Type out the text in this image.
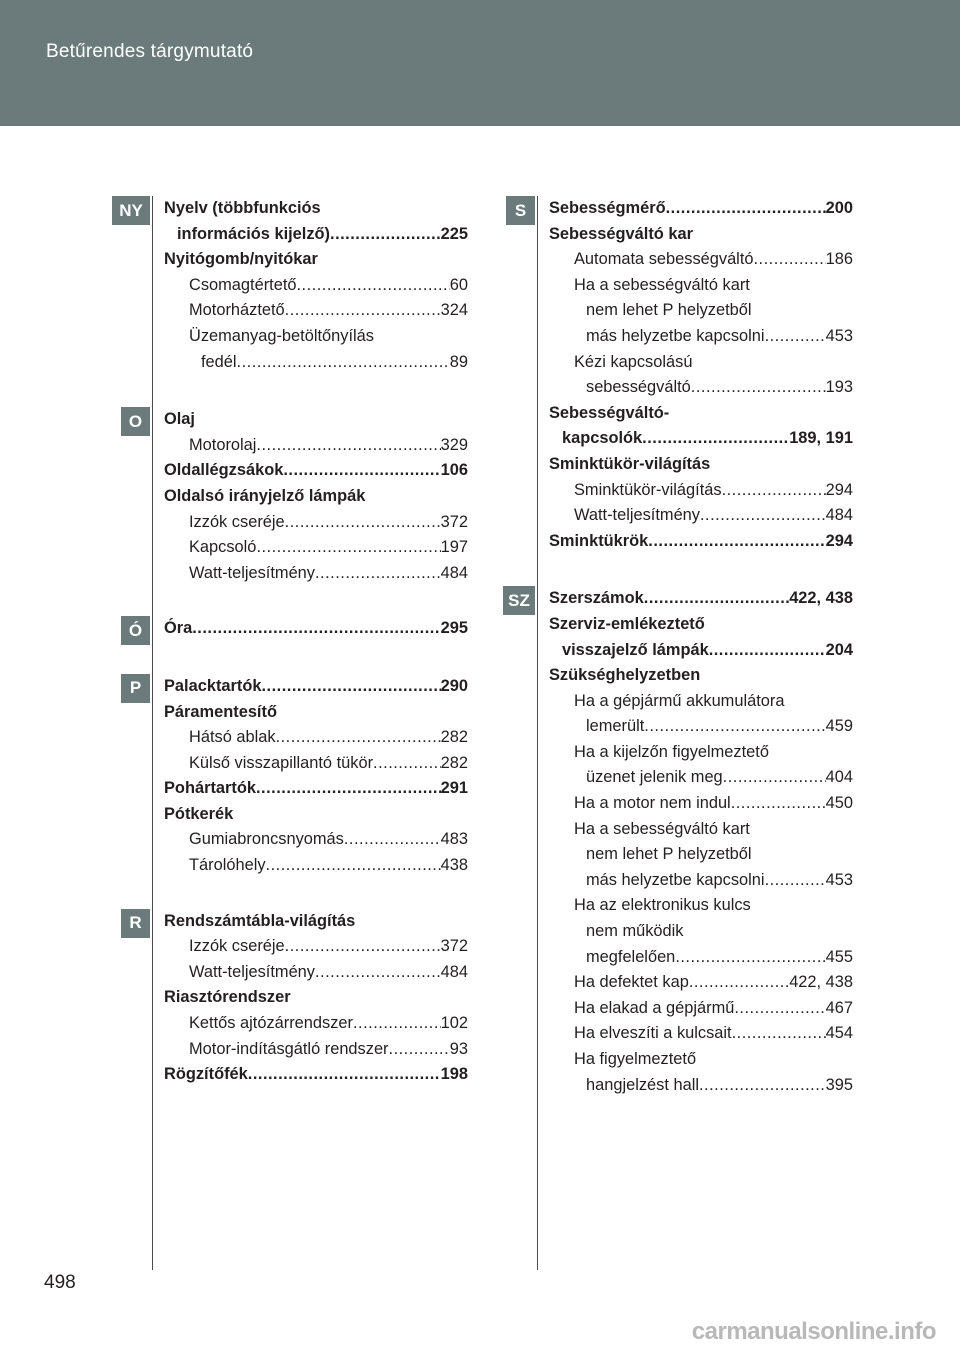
Betűrendes tárgymutató
NY	Nyelv (többfunkciós
információs kijelző) .....	225
Nyitógomb/nyitókar
Csomagtértető .....	60
Motorháztető .....	324
Üzemanyag-betöltőnyílás
fedél .....	89
O	Olaj
Motorolaj .....	329
Oldallégzsákok .....	106
Oldalsó irányjelző lámpák
Izzók cseréje .....	372
Kapcsoló .....	197
Watt-teljesítmény .....	484
Ó	Óra .....	295
P	Palacktartók .....	290
Páramentesítő
Hátsó ablak .....	282
Külső visszapillantó tükör .....	282
Pohártartók .....	291
Pótkerék
Gumiabroncsnyomás .....	483
Tárolóhely .....	438
R	Rendszámtábla-világítás
Izzók cseréje .....	372
Watt-teljesítmény .....	484
Riasztórendszer
Kettős ajtózárrendszer .....	102
Motor-indításgátló rendszer .....	93
Rögzítőfék .....	198
S	Sebességmérő .....	200
Sebességváltó kar
Automata sebességváltó .....	186
Ha a sebességváltó kart
nem lehet P helyzetből
más helyzetbe kapcsolni .....	453
Kézi kapcsolású
sebességváltó .....	193
Sebességváltó-
kapcsolók .....	189, 191
Sminktükör-világítás
Sminktükör-világítás .....	294
Watt-teljesítmény .....	484
Sminktükrök .....	294
SZ	Szerszámok .....	422, 438
Szerviz-emlékeztető
visszajelző lámpák .....	204
Szükséghelyzetben
Ha a gépjármű akkumulátora
lemerült .....	459
Ha a kijelzőn figyelmeztető
üzenet jelenik meg .....	404
Ha a motor nem indul .....	450
Ha a sebességváltó kart
nem lehet P helyzetből
más helyzetbe kapcsolni .....	453
Ha az elektronikus kulcs
nem működik
megfelelően .....	455
Ha defektet kap .....	422, 438
Ha elakad a gépjármű .....	467
Ha elveszíti a kulcsait .....	454
Ha figyelmeztető
hangjelzést hall .....	395
498
carmanualsonline.info
